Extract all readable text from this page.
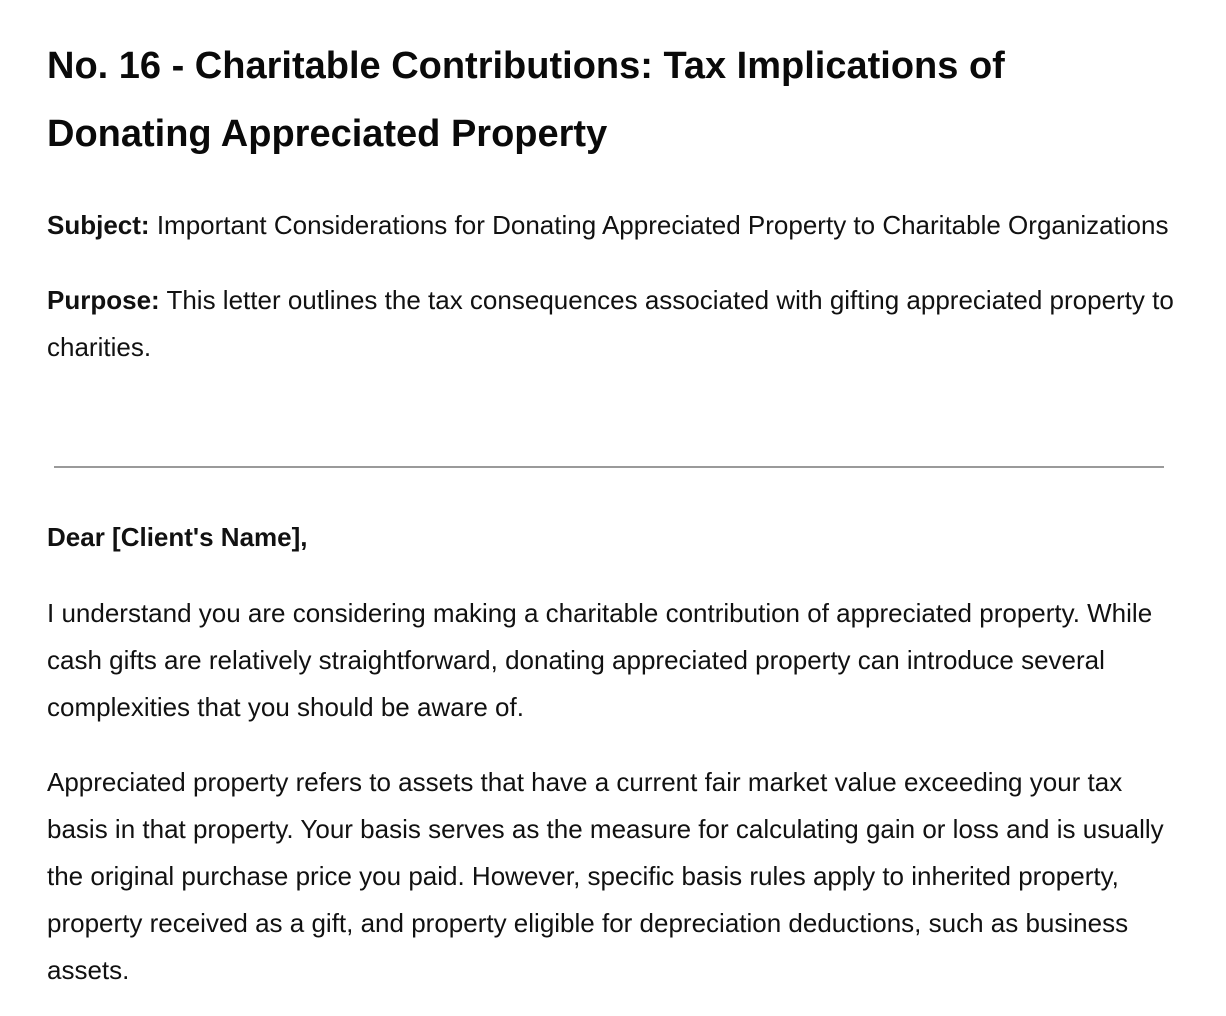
No. 16 - Charitable Contributions: Tax Implications of Donating Appreciated Property

Subject: Important Considerations for Donating Appreciated Property to Charitable Organizations

Purpose: This letter outlines the tax consequences associated with gifting appreciated property to charities.

Dear [Client's Name],

I understand you are considering making a charitable contribution of appreciated property. While cash gifts are relatively straightforward, donating appreciated property can introduce several complexities that you should be aware of.

Appreciated property refers to assets that have a current fair market value exceeding your tax basis in that property. Your basis serves as the measure for calculating gain or loss and is usually the original purchase price you paid. However, specific basis rules apply to inherited property, property received as a gift, and property eligible for depreciation deductions, such as business assets.
